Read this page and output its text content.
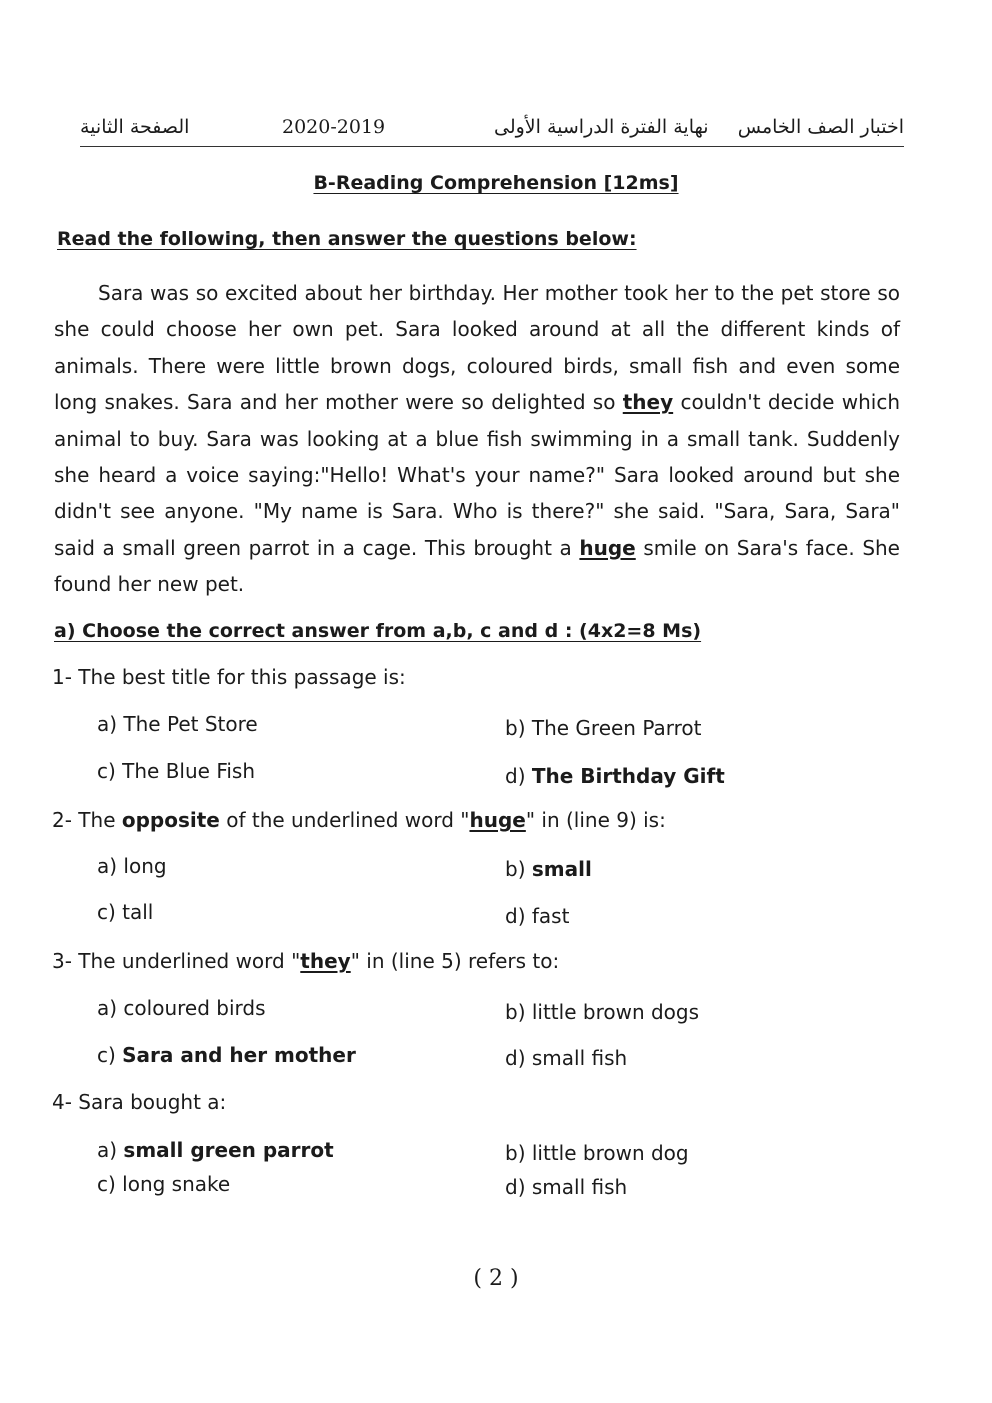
اختبار الصف الخامس
نهاية الفترة الدراسية الأولى
2020-2019
الصفحة الثانية
B-Reading Comprehension [12ms]
Read the following, then answer the questions below:
Sara was so excited about her birthday. Her mother took her to the pet store so she could choose her own pet. Sara looked around at all the different kinds of animals. There were little brown dogs, coloured birds, small fish and even some long snakes. Sara and her mother were so delighted so they couldn't decide which animal to buy. Sara was looking at a blue fish swimming in a small tank. Suddenly she heard a voice saying:"Hello! What's your name?" Sara looked around but she didn't see anyone. "My name is Sara. Who is there?" she said. "Sara, Sara, Sara" said a small green parrot in a cage. This brought a huge smile on Sara's face. She found her new pet.
a) Choose the correct answer from a,b, c and d : (4x2=8 Ms)
1- The best title for this passage is:
a) The Pet Store	b) The Green Parrot
c) The Blue Fish	d) The Birthday Gift
2- The opposite of the underlined word "huge" in (line 9) is:
a) long	b) small
c) tall	d) fast
3- The underlined word "they" in (line 5) refers to:
a) coloured birds	b) little brown dogs
c) Sara and her mother	d) small fish
4- Sara bought a:
a) small green parrot	b) little brown dog
c) long snake	d) small fish
( 2 )
